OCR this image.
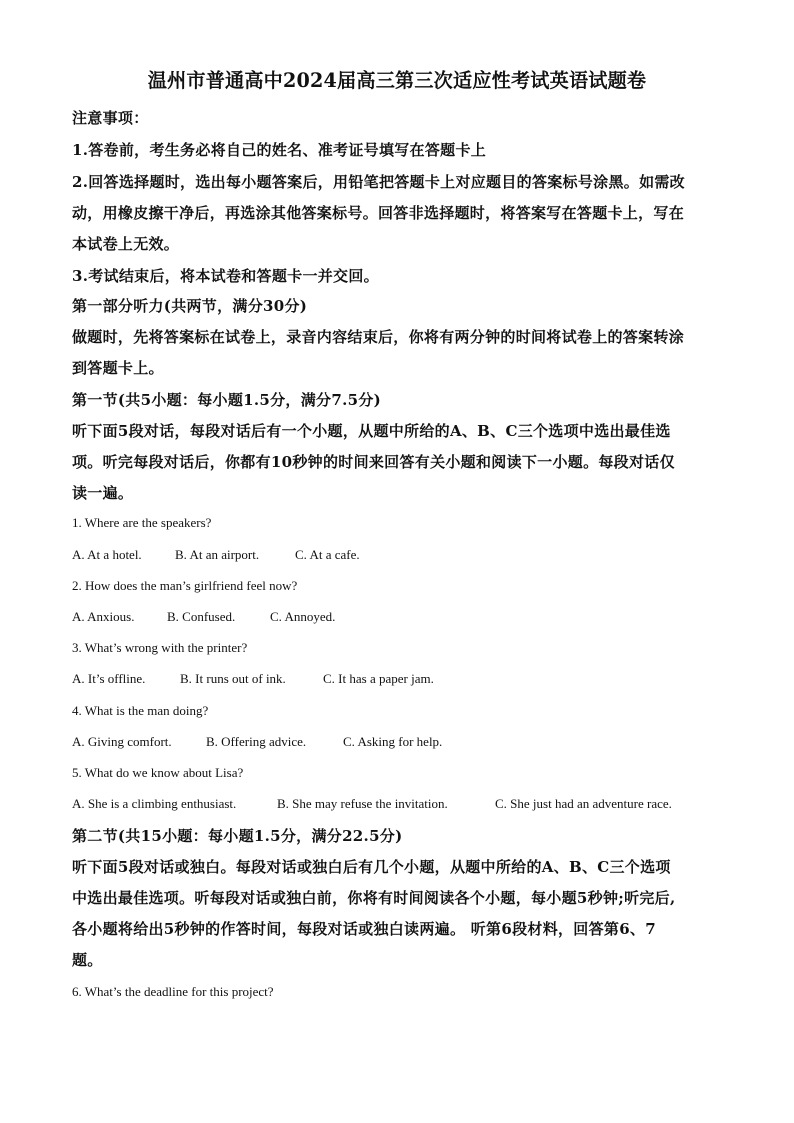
温州市普通高中2024届高三第三次适应性考试英语试题卷
注意事项：
1.答卷前，考生务必将自己的姓名、准考证号填写在答题卡上
2.回答选择题时，选出每小题答案后，用铅笔把答题卡上对应题目的答案标号涂黑。如需改
动，用橡皮擦干净后，再选涂其他答案标号。回答非选择题时，将答案写在答题卡上，写在
本试卷上无效。
3.考试结束后，将本试卷和答题卡一并交回。
第一部分听力(共两节，满分30分)
做题时，先将答案标在试卷上，录音内容结束后，你将有两分钟的时间将试卷上的答案转涂
到答题卡上。
第一节(共5小题：每小题1.5分，满分7.5分)
听下面5段对话，每段对话后有一个小题，从题中所给的A、B、C三个选项中选出最佳选
项。听完每段对话后，你都有10秒钟的时间来回答有关小题和阅读下一小题。每段对话仅
读一遍。
1. Where are the speakers?
A. At a hotel.	B. At an airport.	C. At a cafe.
2. How does the man’s girlfriend feel now?
A. Anxious.	B. Confused.	C. Annoyed.
3. What’s wrong with the printer?
A. It’s offline.	B. It runs out of ink.	C. It has a paper jam.
4. What is the man doing?
A. Giving comfort.	B. Offering advice.	C. Asking for help.
5. What do we know about Lisa?
A. She is a climbing enthusiast.	B. She may refuse the invitation.	C. She just had an adventure race.
第二节(共15小题：每小题1.5分，满分22.5分)
听下面5段对话或独白。每段对话或独白后有几个小题，从题中所给的A、B、C三个选项
中选出最佳选项。听每段对话或独白前，你将有时间阅读各个小题，每小题5秒钟;听完后,
各小题将给出5秒钟的作答时间，每段对话或独白读两遍。 听第6段材料，回答第6、7
题。
6. What’s the deadline for this project?
